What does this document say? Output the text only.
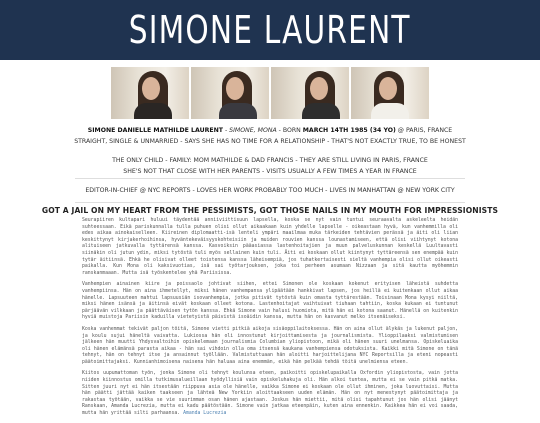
SIMONE LAURENT
SIMONE DANIELLE MATHILDE LAURENT - SIMONE, MONA - BORN MARCH 14TH 1985 (34 YO) @ PARIS, FRANCE
STRAIGHT, SINGLE & UNMARRIED - SAYS SHE HAS NO TIME FOR A RELATIONSHIP - THAT'S NOT EXACTLY TRUE, TO BE HONEST
THE ONLY CHILD - FAMILY: MOM MATHILDE & DAD FRANCIS - THEY ARE STILL LIVING IN PARIS, FRANCE
SHE'S NOT THAT CLOSE WITH HER PARENTS - VISITS USUALLY A FEW TIMES A YEAR IN FRANCE
EDITOR-IN-CHIEF @ NYC REPORTS - LOVES HER WORK PROBABLY TOO MUCH - LIVES IN MANHATTAN @ NEW YORK CITY
GOT A JAIL ON MY HEART FROM THE PESSIMISTS, GOT THOSE NAILS IN MY MOUTH FOR IMPRESSIONISTS

Seurapiiren kultapari huluui täydentää anniiviittisuun lapsella, koska se nyt vain tuntui seuraavalta askeleelta heidän suhteessaan. Eikä pariskunnalla tulla puhuen olisi ollut aikaakaan kuin yhdelle lapselle - oikeastaan hyvä, kun vanhemmilla oli edes aikaa ainokaiselleen. Kiireinen diplomaatti-isä lenteli ympäri maailmaa muka tärkeiden tehtävien perässä ja äiti oli liian keskittynyt kirjakerhoihinsa, hyväntekeväisyyskohteisiin ja muiden rouvien kanssa lounastamiseen, että olisi viihtynyt kotona alituiseen jatkuvalla tyttärensä kanssa. Kasvoiksin pääasiassa lastenhoitajien ja muun palveluskunnan keskellä Luultavasti siinäkin oli jutun ydin, miksi tytöstä tuli myös sellainen kuin tuli. Äiti ei koskaan ollut kiintynyt tyttäreensä sen enempää kuin tytär äitiinsä. Ehkä he olisivat olleet toistensa kanssa läheisempiä, jos tuhatkertaisesti sieltä vanhempia olisi ollut oikeasti paikalla. Kun Mona oli kaksivuotias, isä sai työtarjouksen, joka toi perheen asumaan Nizzaan ja sitä kautta myöhemmin ranskanmaaan. Mutta isä työskentelee yhä Pariisissa.

Vanhempien ainainen kiire ja poissaolo johtivat siihen, ettei Simonen ole koskaan kokenut erityisen läheistä suhdetta vanhempiinsa. Hän on aina ihmetellyt, miksi hänen vanhempansa ylipäätään hankkivat lapsen, jos heillä ei kuitenkaan ollut aikaa hänelle. Lapsuuteen mahtui lapsuusiän isovanhempia, jotka pitivät tytöstä kuin omasta tyttärestään. Toisinaan Mona kysyi niiltä, miksi hänen isänsä ja äitinsä eivät koskaan olleet kotona. Lastenhoitajat vaihtuivat tiuhaan tahtiin, koska kukaan ei tuntunut pärjäävän vilkkaan ja päättäväisen tytön kanssa. Ehkä Simone vain halusi huomiota, mitä hän ei kotona saanut. Hänellä on kuitenkin hyviä muistoja Pariisin kaduilla vietetyistä päivistä isoäidin kanssa, mutta hän on kasvanut melko itsenäiseksi.

Koska vanhemmat tekivät paljon töitä, Simone vietti pitkiä aikoja sisäoppilaitoksessa. Hän on aina ollut älykäs ja lukenut paljon, ja koulu sujui häneltä vaivatta. Lukiossa hän oli innostunut kirjoittamisesta ja journalismista. Ylioppilaaksi valmistumisen jälkeen hän muutti Yhdysvaltoihin opiskelemaan journalismia Columbian yliopistoon, mikä oli hänen suuri unelmansa. Opiskeluaika oli hänen elämänsä parasta aikaa - hän sai vihdoin olla oma itsensä kaukana vanhempiensa odotuksista. Kaikki mitä Simone on tänä tehnyt, hän on tehnyt itse ja ansainnut työllään. Valmistuttuaan hän aloitti harjoittelijana NYC Reportsilla ja eteni nopeasti päätoimittajaksi. Kunnianhimoisena naisena hän haluaa aina enemmän, eikä hän pelkää tehdä töitä unelmiensa eteen.

Kiitos uupumattoman työn, jonka Simone oli tehnyt koulunsa eteen, paikoitti opiskelupaikalla Oxfordin yliopistosta, vain jotta niiden kiinnostus omilla tutkimusalueillaan hyödyllisiä vain opiskeluhakuja oli. Hän alkoi tuntea, mutta ei se vain pitkä matka. Sitten juuri nyt ei hän itsestään riippuva asia ole hänelle, vaikka Simone ei koskaan ole ollut ihminen, joka luovuttaisi. Mutta hän päätti jättää kaiken taakseen ja lähteä New Yorkiin aloittaakseen uuden elämän. Hän on nyt menestynyt päätoimittaja ja rakastaa työtään, vaikka se vie suurimman osan hänen ajastaan. Joskus hän miettii, mitä olisi tapahtunut jos hän olisi jäänyt Ranskaan, Amanda Lucrezia, mutta ei kadu päätöstään. Simone vain jatkaa eteenpäin, kuten aina ennenkin. Kaikkea hän ei voi saada, mutta hän yrittää silti parhaansa. Amanda Lucrezia
